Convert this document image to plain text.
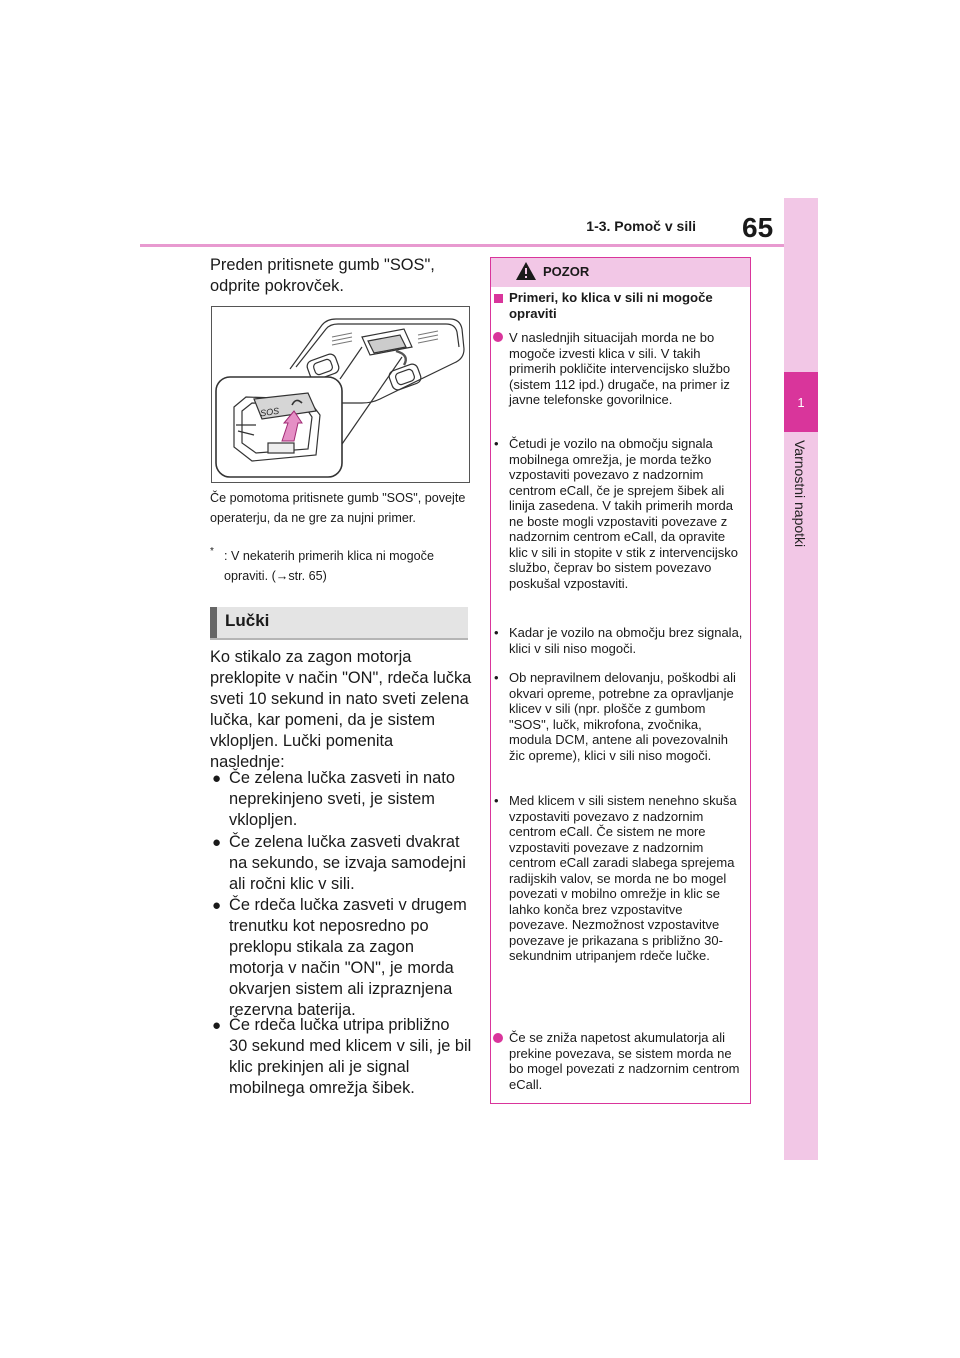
1-3. Pomoč v sili 65
1
Varnostni napotki
Preden pritisnete gumb "SOS", odprite pokrovček.
SOS
Če pomotoma pritisnete gumb "SOS", povejte operaterju, da ne gre za nujni primer.
* : V nekaterih primerih klica ni mogoče opraviti. (→str. 65)
Lučki
Ko stikalo za zagon motorja preklopite v način "ON", rdeča lučka sveti 10 sekund in nato sveti zelena lučka, kar pomeni, da je sistem vklopljen. Lučki pomenita naslednje:
● Če zelena lučka zasveti in nato neprekinjeno sveti, je sistem vklopljen.
● Če zelena lučka zasveti dvakrat na sekundo, se izvaja samodejni ali ročni klic v sili.
● Če rdeča lučka zasveti v drugem trenutku kot neposredno po preklopu stikala za zagon motorja v način "ON", je morda okvarjen sistem ali izpraznjena rezervna baterija.
● Če rdeča lučka utripa približno 30 sekund med klicem v sili, je bil klic prekinjen ali je signal mobilnega omrežja šibek.
POZOR
Primeri, ko klica v sili ni mogoče opraviti
V naslednjih situacijah morda ne bo mogoče izvesti klica v sili. V takih primerih pokličite intervencijsko službo (sistem 112 ipd.) drugače, na primer iz javne telefonske govorilnice.
• Četudi je vozilo na območju signala mobilnega omrežja, je morda težko vzpostaviti povezavo z nadzornim centrom eCall, če je sprejem šibek ali linija zasedena. V takih primerih morda ne boste mogli vzpostaviti povezave z nadzornim centrom eCall, da opravite klic v sili in stopite v stik z intervencijsko službo, čeprav bo sistem povezavo poskušal vzpostaviti.
• Kadar je vozilo na območju brez signala, klici v sili niso mogoči.
• Ob nepravilnem delovanju, poškodbi ali okvari opreme, potrebne za opravljanje klicev v sili (npr. plošče z gumbom "SOS", lučk, mikrofona, zvočnika, modula DCM, antene ali povezovalnih žic opreme), klici v sili niso mogoči.
• Med klicem v sili sistem nenehno skuša vzpostaviti povezavo z nadzornim centrom eCall. Če sistem ne more vzpostaviti povezave z nadzornim centrom eCall zaradi slabega sprejema radijskih valov, se morda ne bo mogel povezati v mobilno omrežje in klic se lahko konča brez vzpostavitve povezave. Nezmožnost vzpostavitve povezave je prikazana s približno 30-sekundnim utripanjem rdeče lučke.
Če se zniža napetost akumulatorja ali prekine povezava, se sistem morda ne bo mogel povezati z nadzornim centrom eCall.
